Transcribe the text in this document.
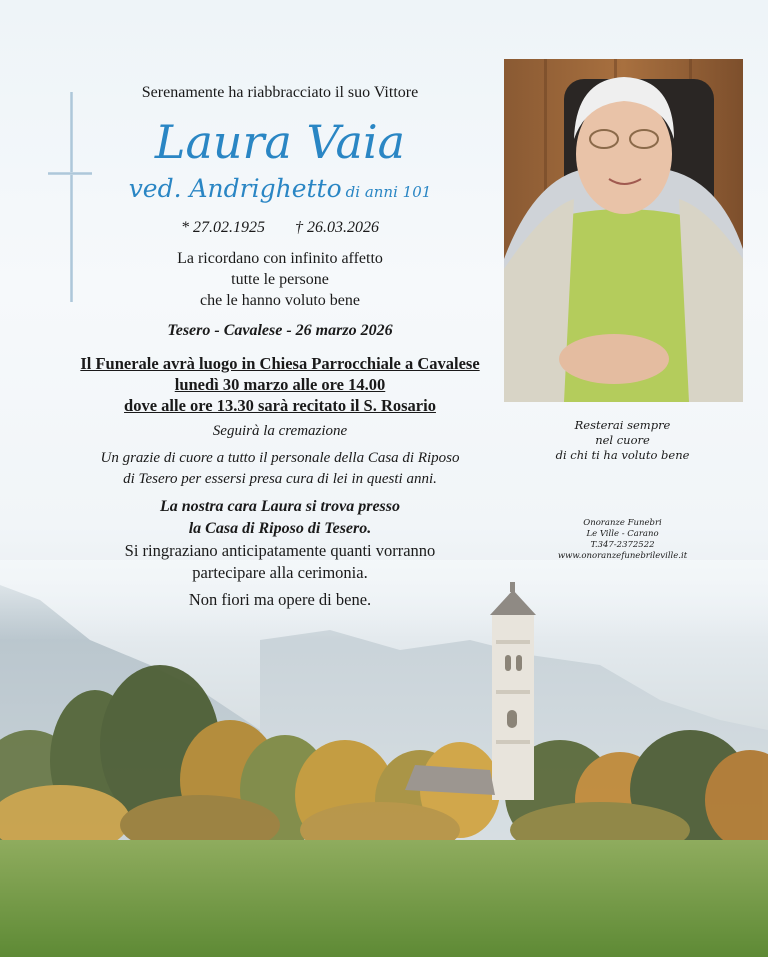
Serenamente ha riabbracciato il suo Vittore
Laura Vaia
ved. Andrighetto di anni 101
* 27.02.1925 † 26.03.2026
La ricordano con infinito affetto
tutte le persone
che le hanno voluto bene
Tesero - Cavalese - 26 marzo 2026
Il Funerale avrà luogo in Chiesa Parrocchiale a Cavalese
lunedì 30 marzo alle ore 14.00
dove alle ore 13.30 sarà recitato il S. Rosario
Seguirà la cremazione
Un grazie di cuore a tutto il personale della Casa di Riposo
di Tesero per essersi presa cura di lei in questi anni.
La nostra cara Laura si trova presso
la Casa di Riposo di Tesero.
Si ringraziano anticipatamente quanti vorranno
partecipare alla cerimonia.
Non fiori ma opere di bene.
Resterai sempre
nel cuore
di chi ti ha voluto bene
Onoranze Funebri
Le Ville - Carano
T.347-2372522
www.onoranzefunebrileville.it
